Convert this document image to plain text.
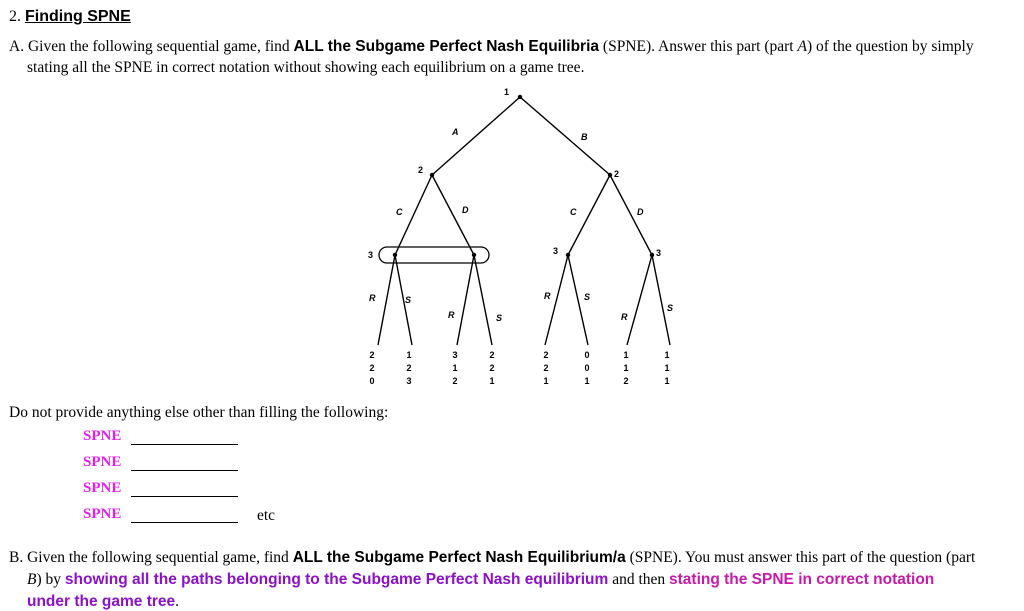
2. Finding SPNE
A. Given the following sequential game, find ALL the Subgame Perfect Nash Equilibria (SPNE). Answer this part (part A) of the question by simply
stating all the SPNE in correct notation without showing each equilibrium on a game tree.
1
2	2
3	3	3
A	B
C	D	C	D
R	S
R	S
R	S
R
S
2
2
0
1
2
3
3
1
2
2
2
1
2
2
1
0
0
1
1
1
2
1
1
1
Do not provide anything else other than filling the following:
SPNE
SPNE
SPNE
SPNE	etc
B. Given the following sequential game, find ALL the Subgame Perfect Nash Equilibrium/a (SPNE). You must answer this part of the question (part
B) by showing all the paths belonging to the Subgame Perfect Nash equilibrium and then stating the SPNE in correct notation
under the game tree.
